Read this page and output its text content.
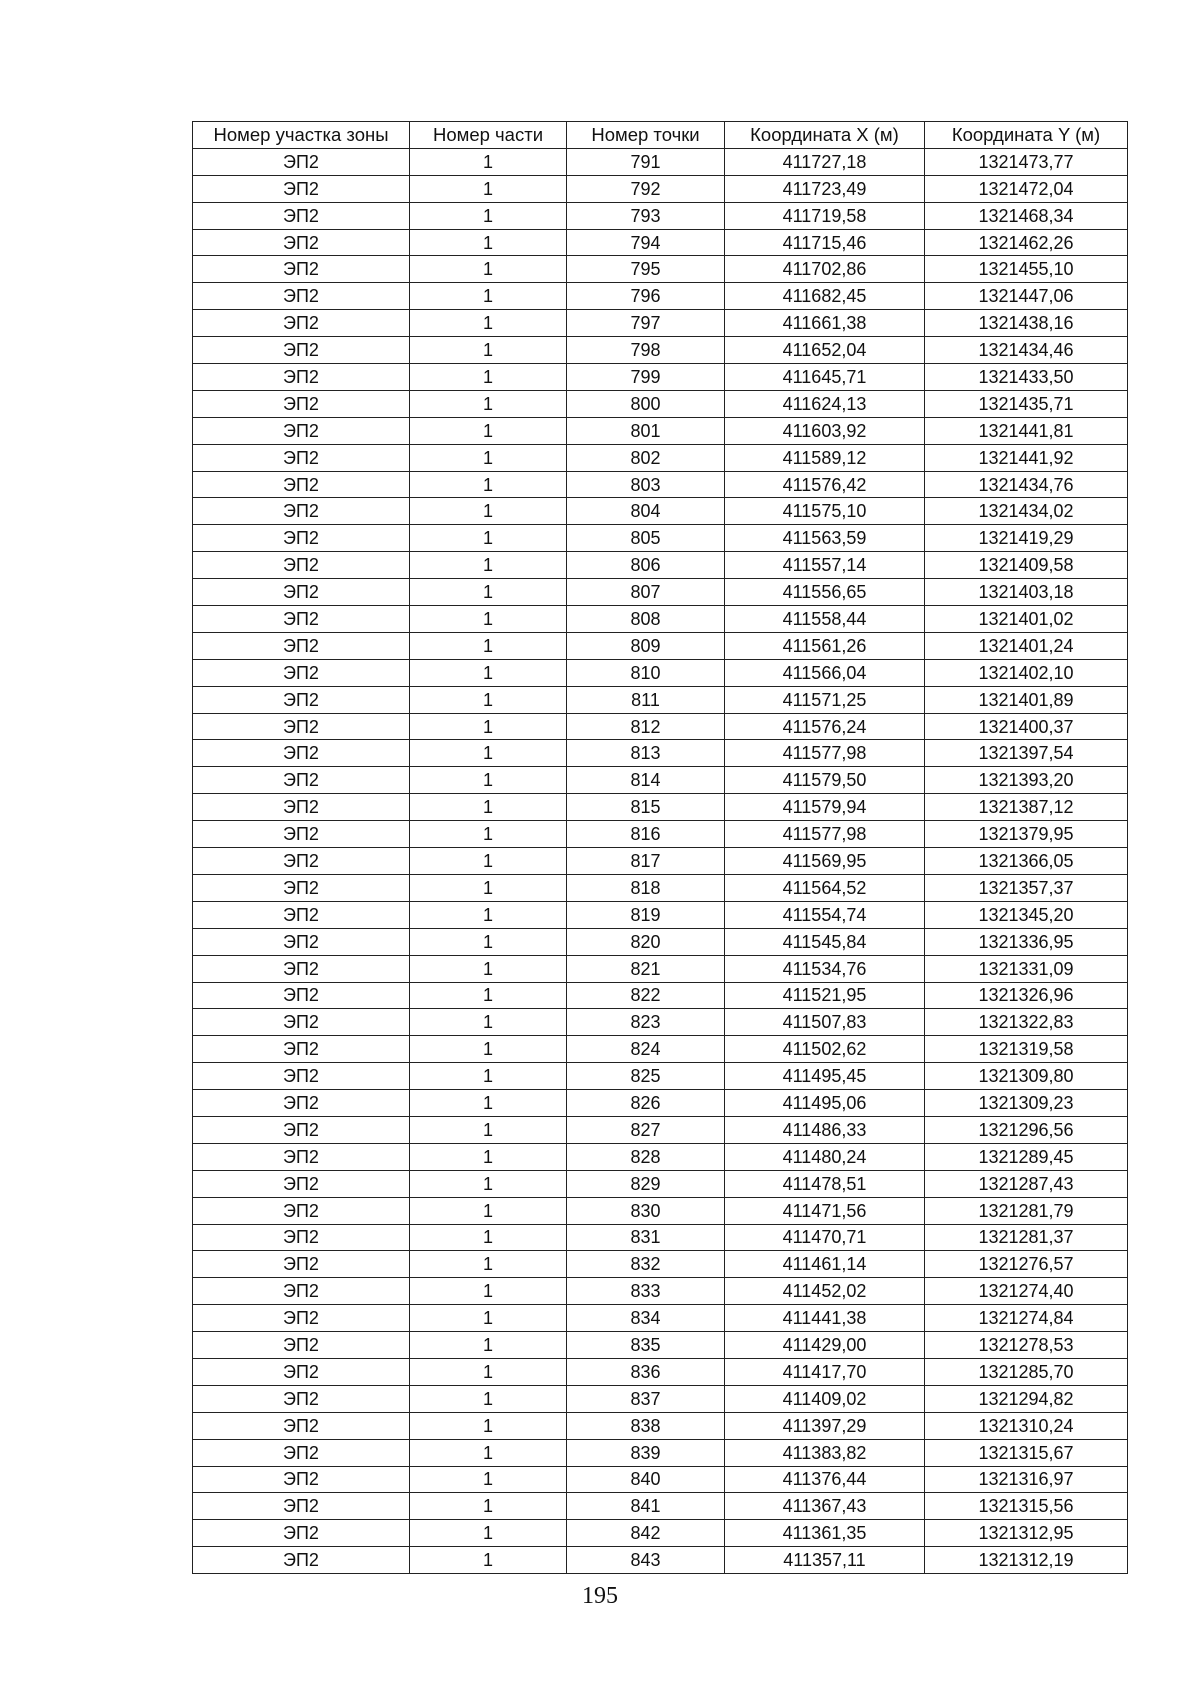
Номер участка зоны	Номер части	Номер точки	Координата X (м)	Координата Y (м)
ЭП2	1	791	411727,18	1321473,77
ЭП2	1	792	411723,49	1321472,04
ЭП2	1	793	411719,58	1321468,34
ЭП2	1	794	411715,46	1321462,26
ЭП2	1	795	411702,86	1321455,10
ЭП2	1	796	411682,45	1321447,06
ЭП2	1	797	411661,38	1321438,16
ЭП2	1	798	411652,04	1321434,46
ЭП2	1	799	411645,71	1321433,50
ЭП2	1	800	411624,13	1321435,71
ЭП2	1	801	411603,92	1321441,81
ЭП2	1	802	411589,12	1321441,92
ЭП2	1	803	411576,42	1321434,76
ЭП2	1	804	411575,10	1321434,02
ЭП2	1	805	411563,59	1321419,29
ЭП2	1	806	411557,14	1321409,58
ЭП2	1	807	411556,65	1321403,18
ЭП2	1	808	411558,44	1321401,02
ЭП2	1	809	411561,26	1321401,24
ЭП2	1	810	411566,04	1321402,10
ЭП2	1	811	411571,25	1321401,89
ЭП2	1	812	411576,24	1321400,37
ЭП2	1	813	411577,98	1321397,54
ЭП2	1	814	411579,50	1321393,20
ЭП2	1	815	411579,94	1321387,12
ЭП2	1	816	411577,98	1321379,95
ЭП2	1	817	411569,95	1321366,05
ЭП2	1	818	411564,52	1321357,37
ЭП2	1	819	411554,74	1321345,20
ЭП2	1	820	411545,84	1321336,95
ЭП2	1	821	411534,76	1321331,09
ЭП2	1	822	411521,95	1321326,96
ЭП2	1	823	411507,83	1321322,83
ЭП2	1	824	411502,62	1321319,58
ЭП2	1	825	411495,45	1321309,80
ЭП2	1	826	411495,06	1321309,23
ЭП2	1	827	411486,33	1321296,56
ЭП2	1	828	411480,24	1321289,45
ЭП2	1	829	411478,51	1321287,43
ЭП2	1	830	411471,56	1321281,79
ЭП2	1	831	411470,71	1321281,37
ЭП2	1	832	411461,14	1321276,57
ЭП2	1	833	411452,02	1321274,40
ЭП2	1	834	411441,38	1321274,84
ЭП2	1	835	411429,00	1321278,53
ЭП2	1	836	411417,70	1321285,70
ЭП2	1	837	411409,02	1321294,82
ЭП2	1	838	411397,29	1321310,24
ЭП2	1	839	411383,82	1321315,67
ЭП2	1	840	411376,44	1321316,97
ЭП2	1	841	411367,43	1321315,56
ЭП2	1	842	411361,35	1321312,95
ЭП2	1	843	411357,11	1321312,19
195
